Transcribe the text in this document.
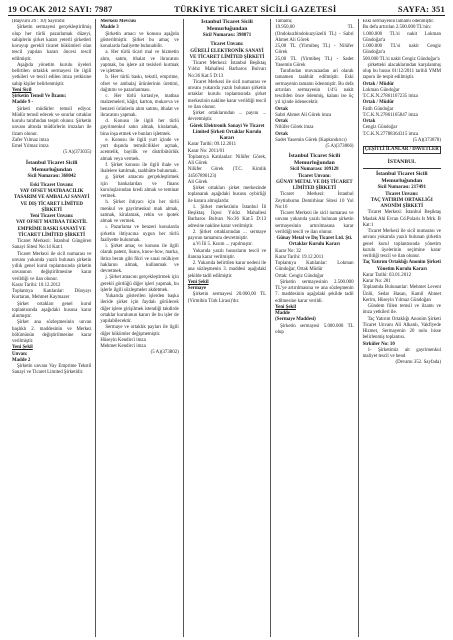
19 OCAK 2012 SAYI: 7987	TÜRKİYE TİCARET SİCİLİ GAZETESİ	SAYFA: 351
(Başvuru 26 : 10) Sayılıdır.
Şirketin sermayesi gerçekleştirilmiş olup her türlü pazarlamak düzeyi, sahiplerin şirket kararı yeterli şirketleri koruyup gerekli ticaret hükümleri olan tescil yapılan kararı öncesi tescil edilmiştir.
Aşağıda yönetim kurulu üyeleri belirtilen ortaklık sermayesi ile ilgili yetkileri ve tescil edilen imza yetkisine sahip kişiler belirlenmiştir.
Yeni Sicil
Şirketin Temsil Ve İlzamı:
Madde 9 -
Şirketi müdürler temsil ediyor. Müdür temsil edecek ve sınırlar ortaklar kurulu tarafından tespit olunur. Şirketin unvanı altında müdürlerin imzaları ile ilzam olunur.
Zafer Yılmaz imza
Emel Yılmaz imza
(5 A)(373035)
İstanbul Ticaret Sicili Memurluğundan
Sicil Numarası: 368042
Eski Ticaret Unvanı:
VAY OFSET MATBAACILIK TASARIM VE AMBALAJ SANAYİ VE DIŞ TİCARET LİMİTED ŞİRKETİ
Yeni Ticaret Unvanı:
VAY OFSET MATBAA TEKSTİL EMPRİME BASKI SANAYİ VE TİCARET LİMİTED ŞİRKETİ
Ticaret Merkezi: İstanbul Güngören Sanayi Sitesi No:14 Kat:1
Ticaret Merkezi ile sicil numarası ve unvanı yukarıda yazılı bulunan şirketin yıllık genel kurul toplantısında şirketin unvanının değiştirilmesine karar verildiği ve ilan olunur.
Karar Tarihi: 10.12.2012
Toplantıya Katılanlar: Dünyayı Kurtaran, Mehmet Kaymazer
Şirket ortakları genel kurul toplantısında aşağıdaki hususa karar alınmıştır.
Şirket ana sözleşmesinin unvan başlıklı 2. maddesinin ve Merkez bölümünün değiştirilmesine karar verilmiştir.
Yeni Şekil
Unvan:
Madde 2
Şirketin unvanı Vay Emprime Tekstil Sanayi ve Ticaret Limited Şirketidir.
Merkezi Mevcuu
Madde 3
Şirketin amacı ve konusu aşağıda gösterilmiştir. Şirket bu amaç ve konularda faaliyette bulunabilir.
a. Her türlü ticari mal ve hizmetin alım, satım, ithalat ve ihracatını yapmak, bu işlere ait tesisleri kurmak ve işletmek.
b. Her türlü baskı, tekstil, emprime, ofset ve ambalaj ürünlerinin üretimi, dağıtımı ve pazarlanması.
c. Her türlü kırtasiye, matbaa malzemeleri, kâğıt, karton, mukavva ve benzeri ürünlerin alım satımı, ithalat ve ihracatını yapmak.
d. Konusu ile ilgili her türlü gayrimenkul satın almak, kiralamak, bina inşa etmek ve bunları işletmek.
e. Konusu ile ilgili yurt içinde ve yurt dışında temsilcilikler açmak, acentelik, bayilik ve distribütörlük almak veya vermek.
f. Şirket konusu ile ilgili ihale ve ihalelere katılmak, taahhütte bulunmak.
g. Şirket amacını gerçekleştirmek için bankalardan ve finans kuruluşlarından kredi almak ve teminat vermek.
h. Şirket ihtiyacı için her türlü menkul ve gayrimenkul malı almak, satmak, kiralamak, rehin ve ipotek almak ve vermek.
ı. Pazarlama ve benzeri konularda şirketin ihtiyacına uygun her türlü faaliyette bulunmak.
i. Şirket amaç ve konusu ile ilgili olarak patent, lisans, know-how, marka, ihtira beratı gibi fikri ve sınai mülkiyet haklarını almak, kullanmak ve devretmek.
j. Şirket amacını gerçekleştirmek için gerekli gördüğü diğer işleri yapmak, bu işlerle ilgili sözleşmeler akdetmek.
Yukarıda gösterilen işlerden başka ileride şirket için faydalı görülecek diğer işlere girişilmek istendiği takdirde ortaklar kurulunun kararı ile bu işler de yapılabilecektir.
Sermaye ve ortaklık payları ile ilgili diğer hükümler değişmemiştir.
Hüseyin Kendirci imza
Mehmet Kendirci imza
(5 A)(373802)
İstanbul Ticaret Sicili Memurluğundan
Sicil Numarası: 398071
Ticaret Unvanı:
GÜRELİ ELEKTRONİK SANAYİ VE TİCARET LİMİTED ŞİRKETİ
Ticaret Merkezi: İstanbul Beşiktaş Yıldız Mahallesi Barbaros Bulvarı No:36 Kat:5 D:13
Ticaret Merkezi ile sicil numarası ve unvanı yukarıda yazılı bulunan şirketin ortaklar kurulu toplantısında şirket merkezinin nakline karar verildiği tescil ve ilan olunur.
Şirket ortaklarından ... payını ... devretmiştir.
Görek Elektronik Sanayi Ve Ticaret Limited Şirketi Ortaklar Kurulu Kararı
Karar Tarihi: 09.12.2011
Karar No: 2011/01
Toplantıya Katılanlar: Nilüfer Görek, Ali Görek
Nilüfer Görek (T.C. Kimlik 34567890123)
Ali Görek
Şirket ortakları şirket merkezinde toplanarak aşağıdaki hususu oybirliği ile karara almışlardır.
1. Şirket merkezinin İstanbul İli Beşiktaş İlçesi Yıldız Mahallesi Barbaros Bulvarı No:36 Kat:5 D:13 adresine nakline karar verilmiştir.
2. Şirket ortaklarından ... sermaye payının tamamını devretmiştir.
a.Vi İli 5. Kısım ... yapılmıştır.
Yukarıda yazılı hususların tescil ve ilanına karar verilmiştir.
2. Yukarıda belirtilen karar nedeni ile ana sözleşmenin 3. maddesi aşağıdaki şekilde tadil edilmiştir.
Yeni Şekil
Sermaye
Şirketin sermayesi 20.000,00 TL (Yirmibin Türk Lirası)'dır.
Tamamı;
19.950,00 TL (Ondokuzbindokuzyüzelli TL) - Sabri Ahmet Ali Görek
25,00 TL (Yirmibeş TL) - Nilüfer Görek
25,00 TL (Yirmibeş TL) - Sadet Yasemin Görek
Tarafından muvazaadan ari olarak tamamen taahhüt edilmiştir. Eski sermayenin tamamı ödenmiştir. Bu defa artırılan sermayenin 1/4'ü nakit tescilden önce ödenmiş, kalanı ise üç yıl içinde ödenecektir.
Ortak
Sabri Ahmet Ali Görek imza
Ortak
Nilüfer Görek imza
Ortak
Sadet Yasemin Görek (Kapkındırıcı)
(5 A)(373866)
İstanbul Ticaret Sicili Memurluğundan
Sicil Numarası: 109128
Ticaret Unvanı:
GÜNAY METAL VE DIŞ TİCARET LİMİTED ŞİRKETİ
Ticaret Merkezi: İstanbul Zeytinburnu Demirhisar Sitesi 10 Yol No:16
Ticaret Merkezi ile sicil numarası ve unvanı yukarıda yazılı bulunan şirketin sermayesinin artırılmasına karar verildiği tescil ve ilan olunur.
Günay Metal ve Dış Ticaret Ltd. Şti. Ortaklar Kurulu Kararı
Karar No: 32
Karar Tarihi: 19.12.2011
Toplantıya Katılanlar: Lokman Gündoğar, Ortak Müdür
Ortak: Cengiz Gündoğar
Şirketin sermayesinin 2.500.000 TL'ye artırılmasına ve ana sözleşmenin 7. maddesinin aşağıdaki şekilde tadil edilmesine karar verildi.
Yeni Şekil
Madde
(Sermaye Maddesi)
Şirketin sermayesi 5.000.000 TL olup
Eski sermayenin tamamı ödenmiştir.
Bu defa artırılan 2.500.000 TL'nin:
1.000.000 TL'si nakit Lokman Gündoğar'a
1.000.000 TL'si nakit Cengiz Gündoğar'a
500.000 TL'si nakit Cengiz Gündoğar'a
şirketteki alacaklarından karşılanmış olup bu husus 01/12/2011 tarihli YMM raporu ile tespit edilmiştir.
Ortak / Müdür
Lokman Gündoğar
T.C.K.N.27861167235 imza
Ortak / Müdür
Fatih Gündoğar
T.C.K.N.27861165847 imza
Ortak
Cengiz Gündoğar
T.C.K.N.27788364315 imza
(5 A)(373878)
ÇEŞİTLİ İLANLAR / DAVETLER
İSTANBUL
İstanbul Ticaret Sicili Memurluğundan
Sicil Numarası: 217491
Ticaret Unvanı:
TAÇ YATIRIM ORTAKLIĞI ANONİM ŞİRKETİ
Ticaret Merkezi: İstanbul Beşiktaş Maslak Ahi Evran Cd.Polaris Is Mrk. B Kat:1
Ticaret Merkezi ile sicil numarası ve unvanı yukarıda yazılı bulunan şirketin genel kurul toplantısında yönetim kurulu üyelerinin seçimine karar verildiği tescil ve ilan olunur.
Taç Yatırım Ortaklığı Anonim Şirketi Yönetim Kurulu Kararı
Karar Tarihi: 03.01.2012
Karar No: 281
Toplantıda Bulunanlar: Mehmet Levent Ünlü, Sedat Hasan, Kamil Ahmet Kerim, Hüseyin Yılmaz Gündoğan
Gündem fiilen temsil ve ilzamı ve imza yetkileri ile.
Taç Yatırım Ortaklığı Anonim Şirketi Ticaret Unvanı Ali Alkanlı, Vakfiyede Hizmet, Sermayenin 20 nolu hisse belirlenmiş toplantısı.
Sirküler No: 10
1- Şirketimiz ait gayrimenkul maliyet tescil ve bend
(Devamı 352. Sayfada)
